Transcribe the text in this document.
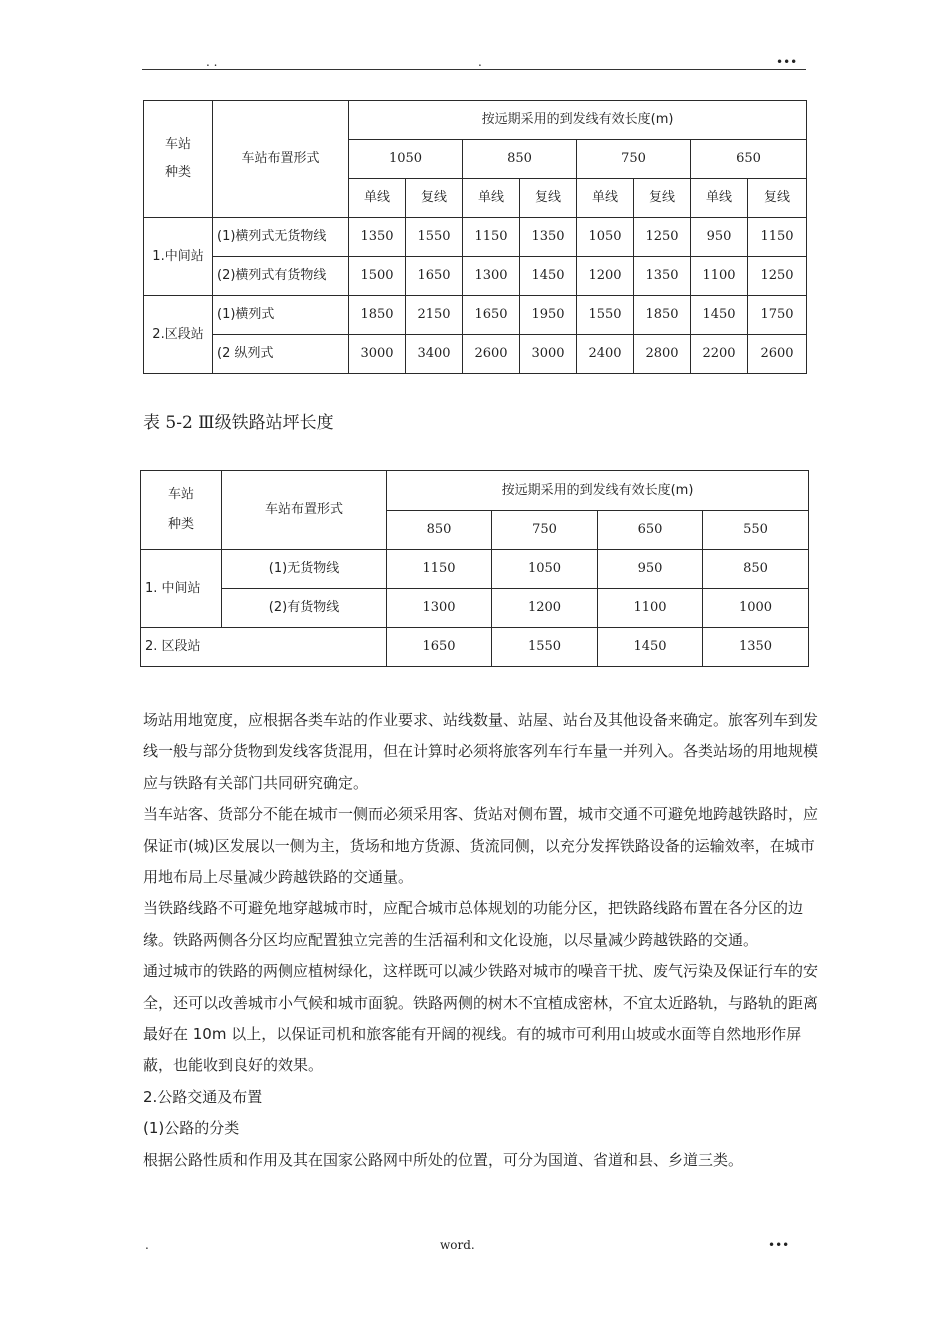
. .	.	•••
车站
种类	车站布置形式	按远期采用的到发线有效长度(m)							
		1050		850		750		650	
		单线	复线	单线	复线	单线	复线	单线	复线
1.中间站	(1)横列式无货物线	1350	1550	1150	1350	1050	1250	950	1150
	(2)横列式有货物线	1500	1650	1300	1450	1200	1350	1100	1250
2.区段站	(1)横列式	1850	2150	1650	1950	1550	1850	1450	1750
	(2 纵列式	3000	3400	2600	3000	2400	2800	2200	2600
表 5-2 Ⅲ级铁路站坪长度
车站
种类	车站布置形式	按远期采用的到发线有效长度(m)			
		850	750	650	550
1. 中间站	(1)无货物线	1150	1050	950	850
	(2)有货物线	1300	1200	1100	1000
2. 区段站		1650	1550	1450	1350

场站用地宽度，应根据各类车站的作业要求、站线数量、站屋、站台及其他设备来确定。旅客列车到发线一般与部分货物到发线客货混用，但在计算时必须将旅客列车行车量一并列入。各类站场的用地规模应与铁路有关部门共同研究确定。

当车站客、货部分不能在城市一侧而必须采用客、货站对侧布置，城市交通不可避免地跨越铁路时，应保证市(城)区发展以一侧为主，货场和地方货源、货流同侧，以充分发挥铁路设备的运输效率，在城市用地布局上尽量减少跨越铁路的交通量。

当铁路线路不可避免地穿越城市时，应配合城市总体规划的功能分区，把铁路线路布置在各分区的边缘。铁路两侧各分区均应配置独立完善的生活福利和文化设施，以尽量减少跨越铁路的交通。

通过城市的铁路的两侧应植树绿化，这样既可以减少铁路对城市的噪音干扰、废气污染及保证行车的安全，还可以改善城市小气候和城市面貌。铁路两侧的树木不宜植成密林，不宜太近路轨，与路轨的距离最好在 10m 以上，以保证司机和旅客能有开阔的视线。有的城市可利用山坡或水面等自然地形作屏蔽，也能收到良好的效果。

2.公路交通及布置

(1)公路的分类

根据公路性质和作用及其在国家公路网中所处的位置，可分为国道、省道和县、乡道三类。

.	word.	•••
